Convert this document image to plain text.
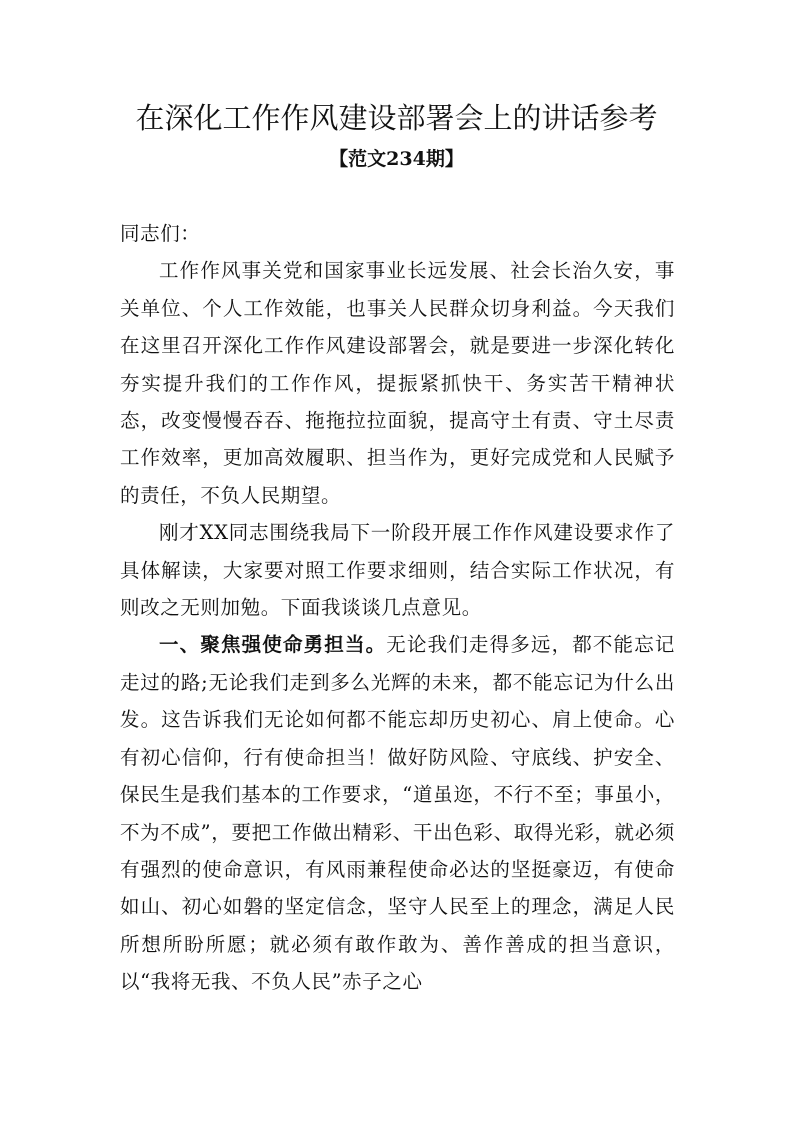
在深化工作作风建设部署会上的讲话参考
【范文234期】

同志们：

工作作风事关党和国家事业长远发展、社会长治久安，事关单位、个人工作效能，也事关人民群众切身利益。今天我们在这里召开深化工作作风建设部署会，就是要进一步深化转化夯实提升我们的工作作风，提振紧抓快干、务实苦干精神状态，改变慢慢吞吞、拖拖拉拉面貌，提高守土有责、守土尽责工作效率，更加高效履职、担当作为，更好完成党和人民赋予的责任，不负人民期望。

刚才XX同志围绕我局下一阶段开展工作作风建设要求作了具体解读，大家要对照工作要求细则，结合实际工作状况，有则改之无则加勉。下面我谈谈几点意见。

一、聚焦强使命勇担当。无论我们走得多远，都不能忘记走过的路;无论我们走到多么光辉的未来，都不能忘记为什么出发。这告诉我们无论如何都不能忘却历史初心、肩上使命。心有初心信仰，行有使命担当！做好防风险、守底线、护安全、保民生是我们基本的工作要求，“道虽迩，不行不至；事虽小，不为不成”，要把工作做出精彩、干出色彩、取得光彩，就必须有强烈的使命意识，有风雨兼程使命必达的坚挺豪迈，有使命如山、初心如磐的坚定信念，坚守人民至上的理念，满足人民所想所盼所愿；就必须有敢作敢为、善作善成的担当意识，以“我将无我、不负人民”赤子之心
